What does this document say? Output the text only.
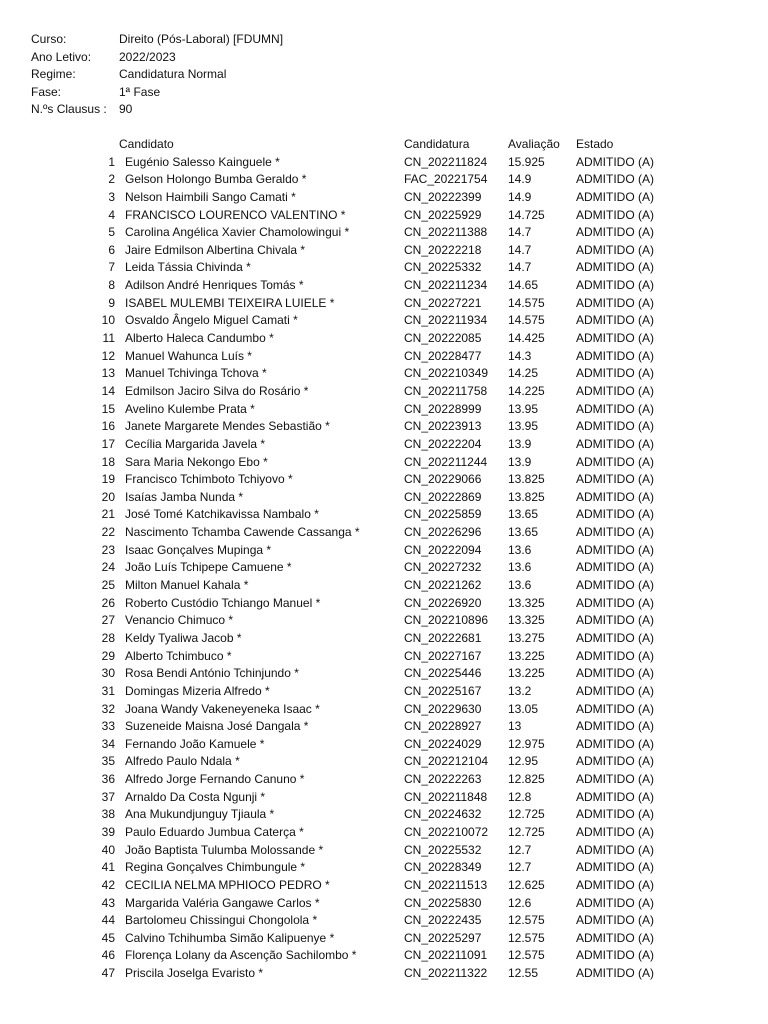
Curso:	Direito (Pós-Laboral) [FDUMN]
Ano Letivo: 2022/2023
Regime:	Candidatura Normal
Fase:	1ª Fase
N.ºs Clausus : 90
Candidato	Candidatura	Avaliação Estado
1 Eugénio Salesso Kainguele *	CN_202211824 15.925	ADMITIDO (A)
2 Gelson Holongo Bumba Geraldo *	FAC_20221754 14.9	ADMITIDO (A)
3 Nelson Haimbili Sango Camati *	CN_20222399 14.9	ADMITIDO (A)
4 FRANCISCO LOURENCO VALENTINO *	CN_20225929 14.725	ADMITIDO (A)
5 Carolina Angélica Xavier Chamolowingui *	CN_202211388 14.7	ADMITIDO (A)
6 Jaire Edmilson Albertina Chivala *	CN_20222218 14.7	ADMITIDO (A)
7 Leida Tássia Chivinda *	CN_20225332 14.7	ADMITIDO (A)
8 Adilson André Henriques Tomás *	CN_202211234 14.65	ADMITIDO (A)
9 ISABEL MULEMBI TEIXEIRA LUIELE *	CN_20227221 14.575	ADMITIDO (A)
10 Osvaldo Ângelo Miguel Camati *	CN_202211934 14.575	ADMITIDO (A)
11 Alberto Haleca Candumbo *	CN_20222085 14.425	ADMITIDO (A)
12 Manuel Wahunca Luís *	CN_20228477 14.3	ADMITIDO (A)
13 Manuel Tchivinga Tchova *	CN_202210349 14.25	ADMITIDO (A)
14 Edmilson Jaciro Silva do Rosário *	CN_202211758 14.225	ADMITIDO (A)
15 Avelino Kulembe Prata *	CN_20228999 13.95	ADMITIDO (A)
16 Janete Margarete Mendes Sebastião *	CN_20223913 13.95	ADMITIDO (A)
17 Cecília Margarida Javela *	CN_20222204 13.9	ADMITIDO (A)
18 Sara Maria Nekongo Ebo *	CN_202211244 13.9	ADMITIDO (A)
19 Francisco Tchimboto Tchiyovo *	CN_20229066 13.825	ADMITIDO (A)
20 Isaías Jamba Nunda *	CN_20222869 13.825	ADMITIDO (A)
21 José Tomé Katchikavissa Nambalo *	CN_20225859 13.65	ADMITIDO (A)
22 Nascimento Tchamba Cawende Cassanga *	CN_20226296 13.65	ADMITIDO (A)
23 Isaac Gonçalves Mupinga *	CN_20222094 13.6	ADMITIDO (A)
24 João Luís Tchipepe Camuene *	CN_20227232 13.6	ADMITIDO (A)
25 Milton Manuel Kahala *	CN_20221262 13.6	ADMITIDO (A)
26 Roberto Custódio Tchiango Manuel *	CN_20226920 13.325	ADMITIDO (A)
27 Venancio Chimuco *	CN_202210896 13.325	ADMITIDO (A)
28 Keldy Tyaliwa Jacob *	CN_20222681 13.275	ADMITIDO (A)
29 Alberto Tchimbuco *	CN_20227167 13.225	ADMITIDO (A)
30 Rosa Bendi António Tchinjundo *	CN_20225446 13.225	ADMITIDO (A)
31 Domingas Mizeria Alfredo *	CN_20225167 13.2	ADMITIDO (A)
32 Joana Wandy Vakeneyeneka Isaac *	CN_20229630 13.05	ADMITIDO (A)
33 Suzeneide Maisna José Dangala *	CN_20228927 13	ADMITIDO (A)
34 Fernando João Kamuele *	CN_20224029 12.975	ADMITIDO (A)
35 Alfredo Paulo Ndala *	CN_202212104 12.95	ADMITIDO (A)
36 Alfredo Jorge Fernando Canuno *	CN_20222263 12.825	ADMITIDO (A)
37 Arnaldo Da Costa Ngunji *	CN_202211848 12.8	ADMITIDO (A)
38 Ana Mukundjunguy Tjiaula *	CN_20224632 12.725	ADMITIDO (A)
39 Paulo Eduardo Jumbua Caterça *	CN_202210072 12.725	ADMITIDO (A)
40 João Baptista Tulumba Molossande *	CN_20225532 12.7	ADMITIDO (A)
41 Regina Gonçalves Chimbungule *	CN_20228349 12.7	ADMITIDO (A)
42 CECILIA NELMA MPHIOCO PEDRO *	CN_202211513 12.625	ADMITIDO (A)
43 Margarida Valéria Gangawe Carlos *	CN_20225830 12.6	ADMITIDO (A)
44 Bartolomeu Chissingui Chongolola *	CN_20222435 12.575	ADMITIDO (A)
45 Calvino Tchihumba Simão Kalipuenye *	CN_20225297 12.575	ADMITIDO (A)
46 Florença Lolany da Ascenção Sachilombo *	CN_202211091 12.575	ADMITIDO (A)
47 Priscila Joselga Evaristo *	CN_202211322 12.55	ADMITIDO (A)
